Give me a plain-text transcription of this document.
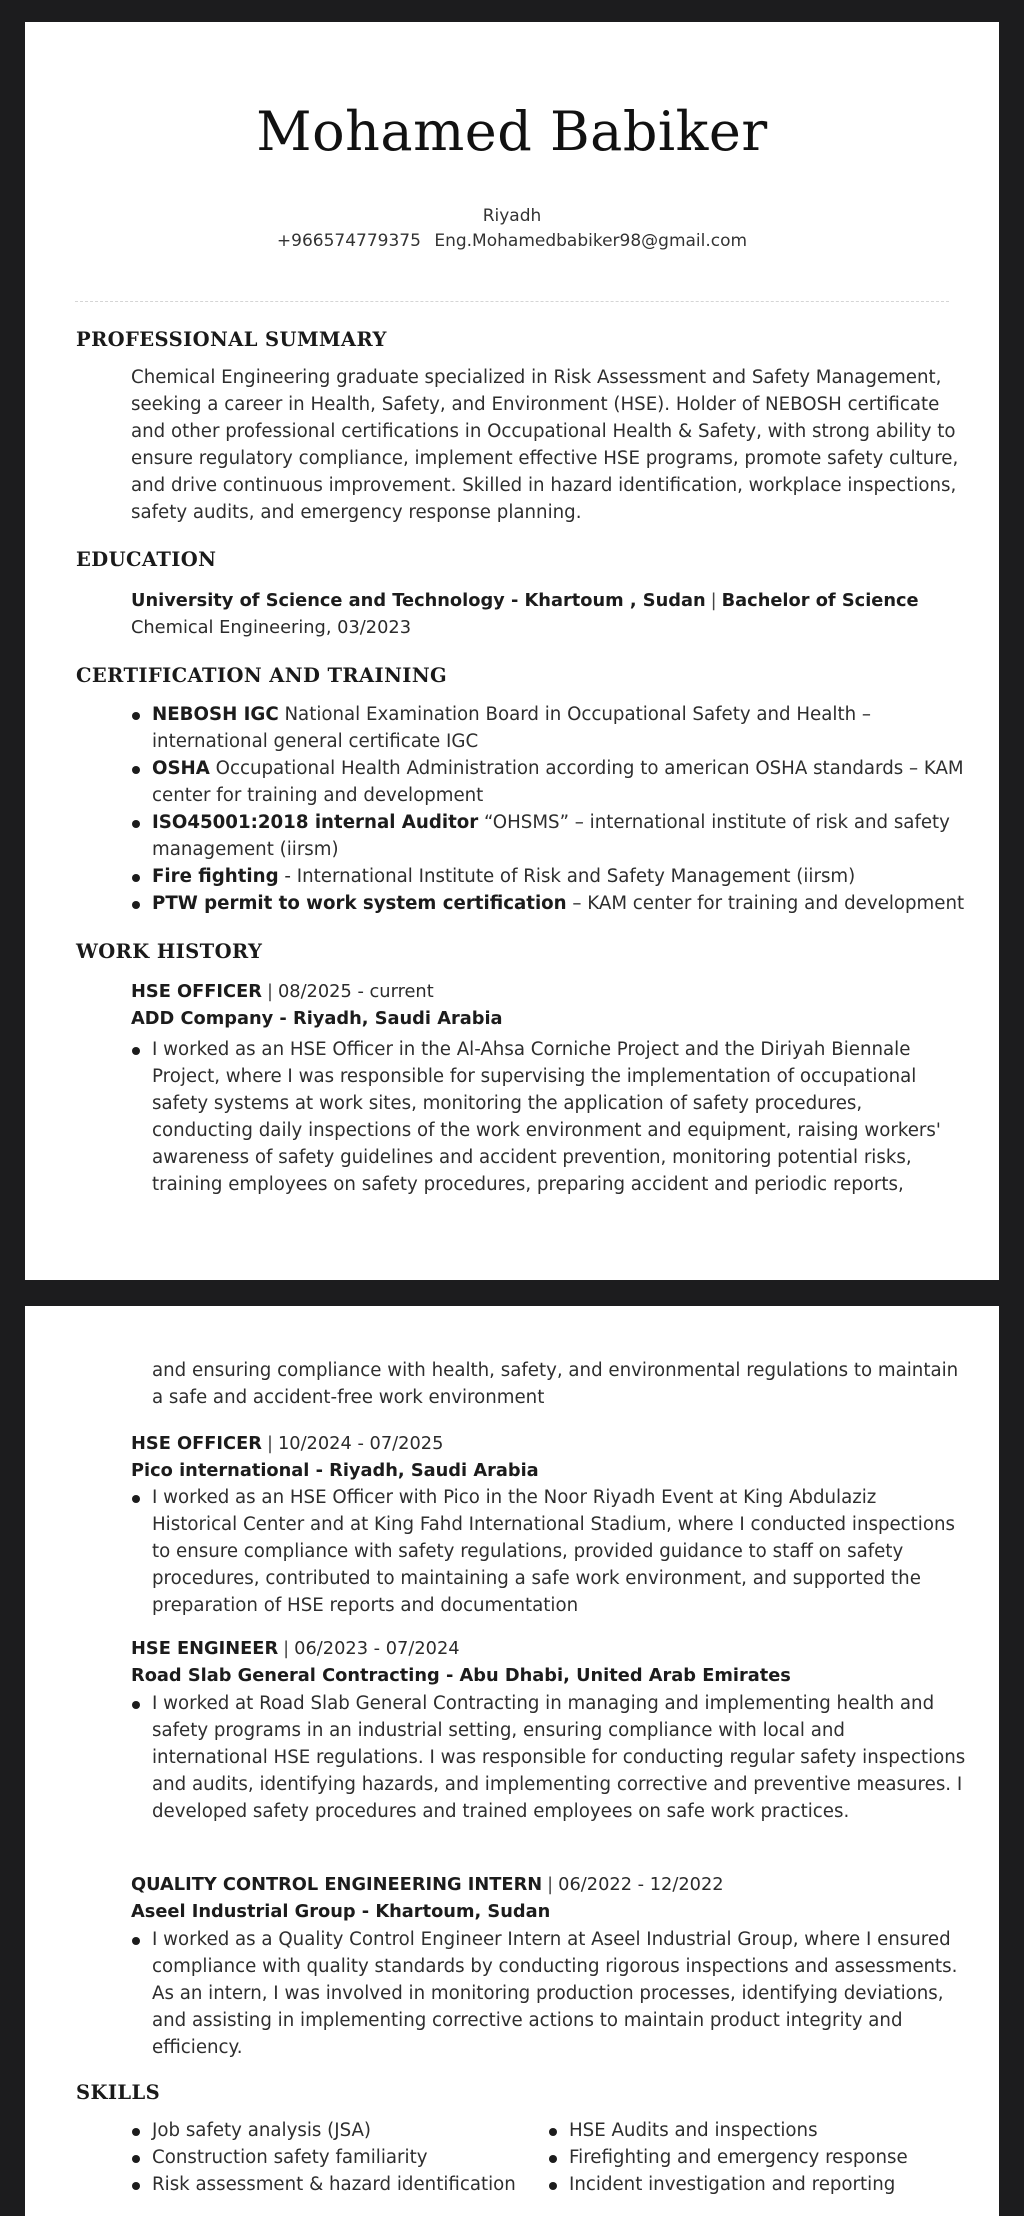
Mohamed Babiker
Riyadh
+966574779375 Eng.Mohamedbabiker98@gmail.com
PROFESSIONAL SUMMARY

Chemical Engineering graduate specialized in Risk Assessment and Safety Management, seeking a career in Health, Safety, and Environment (HSE). Holder of NEBOSH certificate and other professional certifications in Occupational Health & Safety, with strong ability to ensure regulatory compliance, implement effective HSE programs, promote safety culture, and drive continuous improvement. Skilled in hazard identification, workplace inspections, safety audits, and emergency response planning.

EDUCATION
University of Science and Technology - Khartoum , Sudan | Bachelor of Science
Chemical Engineering, 03/2023
CERTIFICATION AND TRAINING
NEBOSH IGC National Examination Board in Occupational Safety and Health – international general certificate IGC
OSHA Occupational Health Administration according to american OSHA standards – KAM center for training and development
ISO45001:2018 internal Auditor “OHSMS” – international institute of risk and safety management (iirsm)
Fire fighting - International Institute of Risk and Safety Management (iirsm)
PTW permit to work system certification – KAM center for training and development
WORK HISTORY
HSE OFFICER | 08/2025 - current
ADD Company - Riyadh, Saudi Arabia
I worked as an HSE Officer in the Al-Ahsa Corniche Project and the Diriyah Biennale Project, where I was responsible for supervising the implementation of occupational safety systems at work sites, monitoring the application of safety procedures, conducting daily inspections of the work environment and equipment, raising workers' awareness of safety guidelines and accident prevention, monitoring potential risks, training employees on safety procedures, preparing accident and periodic reports,
and ensuring compliance with health, safety, and environmental regulations to maintain a safe and accident-free work environment
HSE OFFICER | 10/2024 - 07/2025
Pico international - Riyadh, Saudi Arabia
I worked as an HSE Officer with Pico in the Noor Riyadh Event at King Abdulaziz Historical Center and at King Fahd International Stadium, where I conducted inspections to ensure compliance with safety regulations, provided guidance to staff on safety procedures, contributed to maintaining a safe work environment, and supported the preparation of HSE reports and documentation
HSE ENGINEER | 06/2023 - 07/2024
Road Slab General Contracting - Abu Dhabi, United Arab Emirates
I worked at Road Slab General Contracting in managing and implementing health and safety programs in an industrial setting, ensuring compliance with local and international HSE regulations. I was responsible for conducting regular safety inspections and audits, identifying hazards, and implementing corrective and preventive measures. I developed safety procedures and trained employees on safe work practices.
QUALITY CONTROL ENGINEERING INTERN | 06/2022 - 12/2022
Aseel Industrial Group - Khartoum, Sudan
I worked as a Quality Control Engineer Intern at Aseel Industrial Group, where I ensured compliance with quality standards by conducting rigorous inspections and assessments. As an intern, I was involved in monitoring production processes, identifying deviations, and assisting in implementing corrective actions to maintain product integrity and efficiency.
SKILLS
Job safety analysis (JSA)
Construction safety familiarity
Risk assessment & hazard identification
HSE Audits and inspections
Firefighting and emergency response
Incident investigation and reporting
